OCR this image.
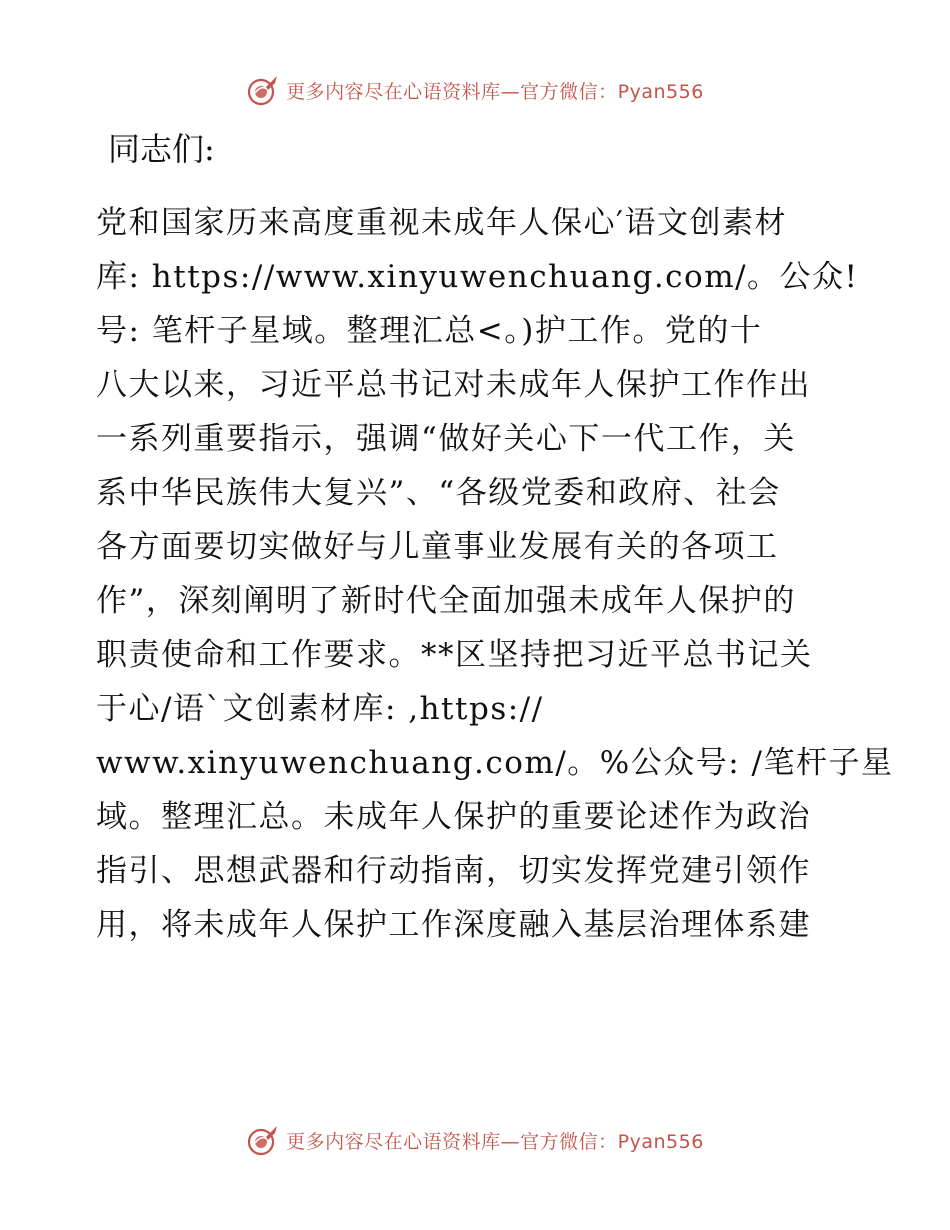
更多内容尽在心语资料库—官方微信：Pyan556
同志们:
党和国家历来高度重视未成年人保心′语文创素材
库: https://www.xinyuwenchuang.com/。公众!
号: 笔杆子星域。整理汇总<。)护工作。党的十
八大以来，习近平总书记对未成年人保护工作作出
一系列重要指示，强调“做好关心下一代工作，关
系中华民族伟大复兴”、“各级党委和政府、社会
各方面要切实做好与儿童事业发展有关的各项工
作”，深刻阐明了新时代全面加强未成年人保护的
职责使命和工作要求。**区坚持把习近平总书记关
于心/语`文创素材库: ,https://
www.xinyuwenchuang.com/。%公众号: /笔杆子星
域。整理汇总。未成年人保护的重要论述作为政治
指引、思想武器和行动指南，切实发挥党建引领作
用，将未成年人保护工作深度融入基层治理体系建
更多内容尽在心语资料库—官方微信：Pyan556
